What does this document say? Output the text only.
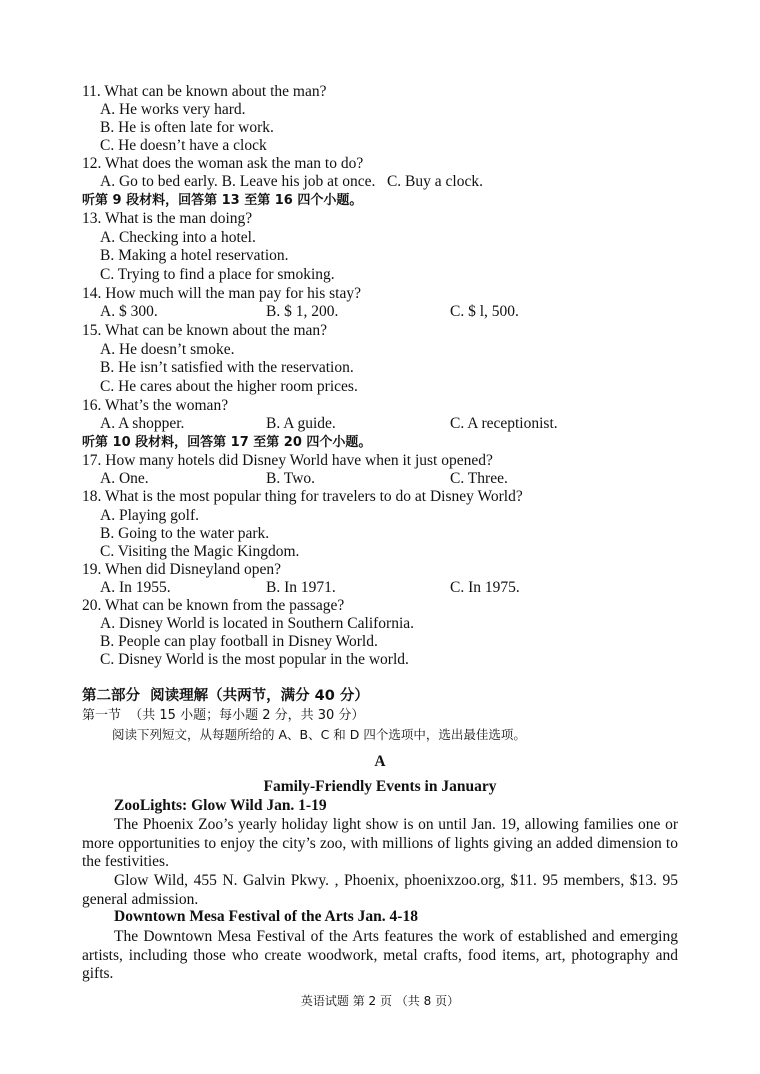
11. What can be known about the man?
A. He works very hard.
B. He is often late for work.
C. He doesn’t have a clock
12. What does the woman ask the man to do?
A. Go to bed early. B. Leave his job at once.   C. Buy a clock.
听第 9 段材料，回答第 13 至第 16 四个小题。
13. What is the man doing?
A. Checking into a hotel.
B. Making a hotel reservation.
C. Trying to find a place for smoking.
14. How much will the man pay for his stay?
A. $ 300.	B. $ 1, 200.	C. $ l, 500.
15. What can be known about the man?
A. He doesn’t smoke.
B. He isn’t satisfied with the reservation.
C. He cares about the higher room prices.
16. What’s the woman?
A. A shopper.	B. A guide.	C. A receptionist.
听第 10 段材料，回答第 17 至第 20 四个小题。
17. How many hotels did Disney World have when it just opened?
A. One.	B. Two.	C. Three.
18. What is the most popular thing for travelers to do at Disney World?
A. Playing golf.
B. Going to the water park.
C. Visiting the Magic Kingdom.
19. When did Disneyland open?
A. In 1955.	B. In 1971.	C. In 1975.
20. What can be known from the passage?
A. Disney World is located in Southern California.
B. People can play football in Disney World.
C. Disney World is the most popular in the world.
第二部分  阅读理解（共两节，满分 40 分）
第一节  （共 15 小题；每小题 2 分，共 30 分）
阅读下列短文，从每题所给的 A、B、C 和 D 四个选项中，选出最佳选项。
A
Family-Friendly Events in January
ZooLights: Glow Wild Jan. 1-19

The Phoenix Zoo’s yearly holiday light show is on until Jan. 19, allowing families one or more opportunities to enjoy the city’s zoo, with millions of lights giving an added dimension to the festivities.

Glow Wild, 455 N. Galvin Pkwy. , Phoenix, phoenixzoo.org, $11. 95 members, $13. 95 general admission.

Downtown Mesa Festival of the Arts Jan. 4-18

The Downtown Mesa Festival of the Arts features the work of established and emerging artists, including those who create woodwork, metal crafts, food items, art, photography and gifts.

英语试题 第 2 页 （共 8 页）
